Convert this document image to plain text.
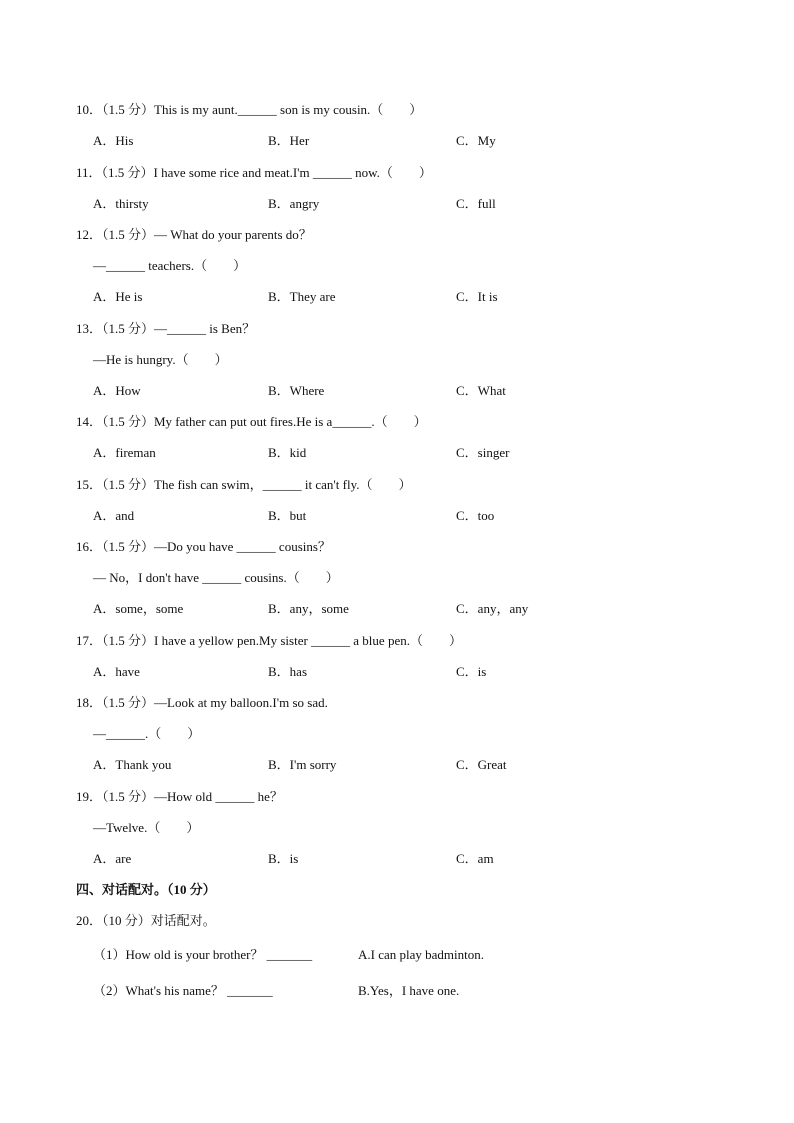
10．（1.5 分）This is my aunt.______ son is my cousin.（　　）
A．His	B．Her	C．My
11．（1.5 分）I have some rice and meat.I'm ______ now.（　　）
A．thirsty	B．angry	C．full
12．（1.5 分）— What do your parents do？
—______ teachers.（　　）
A．He is	B．They are	C．It is
13．（1.5 分）—______ is Ben？
—He is hungry.（　　）
A．How	B．Where	C．What
14．（1.5 分）My father can put out fires.He is a______.（　　）
A．fireman	B．kid	C．singer
15．（1.5 分）The fish can swim，______ it can't fly.（　　）
A．and	B．but	C．too
16．（1.5 分）—Do you have ______ cousins？
— No，I don't have ______ cousins.（　　）
A．some，some	B．any，some	C．any，any
17．（1.5 分）I have a yellow pen.My sister ______ a blue pen.（　　）
A．have	B．has	C．is
18．（1.5 分）—Look at my balloon.I'm so sad.
—______.（　　）
A．Thank you	B．I'm sorry	C．Great
19．（1.5 分）—How old ______ he？
—Twelve.（　　）
A．are	B．is	C．am
四、对话配对。（10 分）
20．（10 分）对话配对。
（1）How old is your brother？ _______	A.I can play badminton.
（2）What's his name？ _______	B.Yes，I have one.
